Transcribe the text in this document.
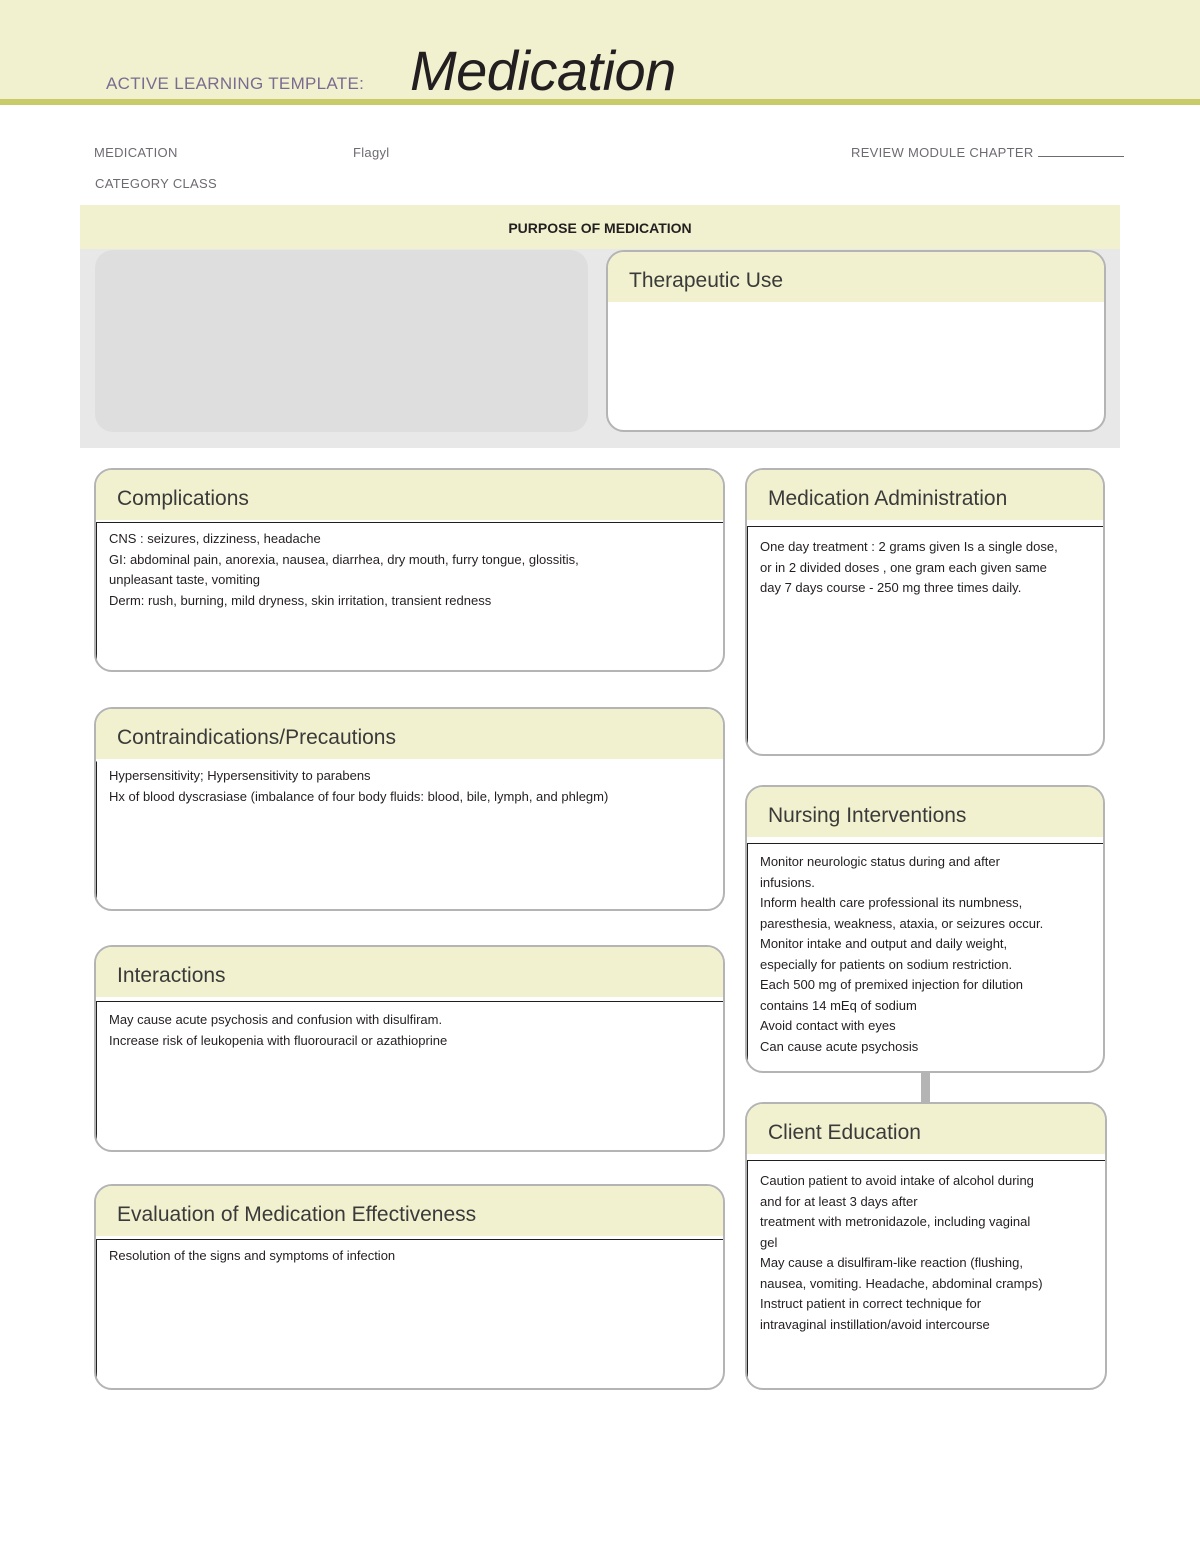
ACTIVE LEARNING TEMPLATE: Medication
MEDICATION	Flagyl	REVIEW MODULE CHAPTER
CATEGORY CLASS
PURPOSE OF MEDICATION
Therapeutic Use
Complications
CNS : seizures, dizziness, headache
GI: abdominal pain, anorexia, nausea, diarrhea, dry mouth, furry tongue, glossitis,
unpleasant taste, vomiting
Derm: rush, burning, mild dryness, skin irritation, transient redness
Medication Administration
One day treatment : 2 grams given Is a single dose,
or in 2 divided doses , one gram each given same
day 7 days course - 250 mg three times daily.
Contraindications/Precautions
Hypersensitivity; Hypersensitivity to parabens
Hx of blood dyscrasiase (imbalance of four body fluids: blood, bile, lymph, and phlegm)
Nursing Interventions
Monitor neurologic status during and after
infusions.
Inform health care professional its numbness,
paresthesia, weakness, ataxia, or seizures occur.
Monitor intake and output and daily weight,
especially for patients on sodium restriction.
Each 500 mg of premixed injection for dilution
contains 14 mEq of sodium
Avoid contact with eyes
Can cause acute psychosis
Interactions
May cause acute psychosis and confusion with disulfiram.
Increase risk of leukopenia with fluorouracil or azathioprine
Client Education
Caution patient to avoid intake of alcohol during
and for at least 3 days after
treatment with metronidazole, including vaginal
gel
May cause a disulfiram-like reaction (flushing,
nausea, vomiting. Headache, abdominal cramps)
Instruct patient in correct technique for
intravaginal instillation/avoid intercourse
Evaluation of Medication Effectiveness
Resolution of the signs and symptoms of infection
